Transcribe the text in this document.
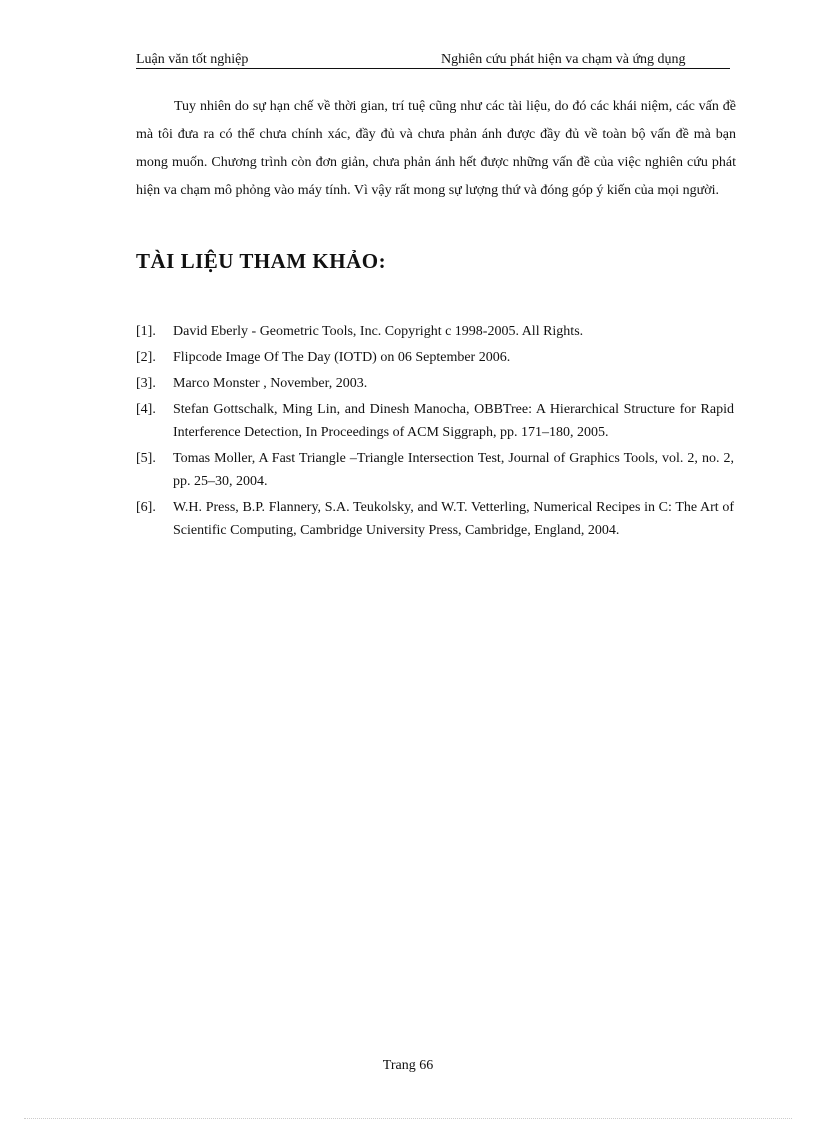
Luận văn tốt nghiệp	Nghiên cứu phát hiện va chạm và ứng dụng

Tuy nhiên do sự hạn chế về thời gian, trí tuệ cũng như các tài liệu, do đó các khái niệm, các vấn đề mà tôi đưa ra có thể chưa chính xác, đầy đủ và chưa phản ánh được đầy đủ về toàn bộ vấn đề mà bạn mong muốn. Chương trình còn đơn giản, chưa phản ánh hết được những vấn đề của việc nghiên cứu phát hiện va chạm mô phỏng vào máy tính. Vì vậy rất mong sự lượng thứ và đóng góp ý kiến của mọi người.

TÀI LIỆU THAM KHẢO:
[1].	David Eberly - Geometric Tools, Inc. Copyright c 1998-2005. All Rights.
[2].	Flipcode Image Of The Day (IOTD) on 06 September 2006.
[3].	Marco Monster , November, 2003.
[4].	Stefan Gottschalk, Ming Lin, and Dinesh Manocha, OBBTree: A Hierarchical Structure for Rapid Interference Detection, In Proceedings of ACM Siggraph, pp. 171–180, 2005.
[5].	Tomas Moller, A Fast Triangle –Triangle Intersection Test, Journal of Graphics Tools, vol. 2, no. 2, pp. 25–30, 2004.
[6].	W.H. Press, B.P. Flannery, S.A. Teukolsky, and W.T. Vetterling, Numerical Recipes in C: The Art of Scientific Computing, Cambridge University Press, Cambridge, England, 2004.
Trang 66
